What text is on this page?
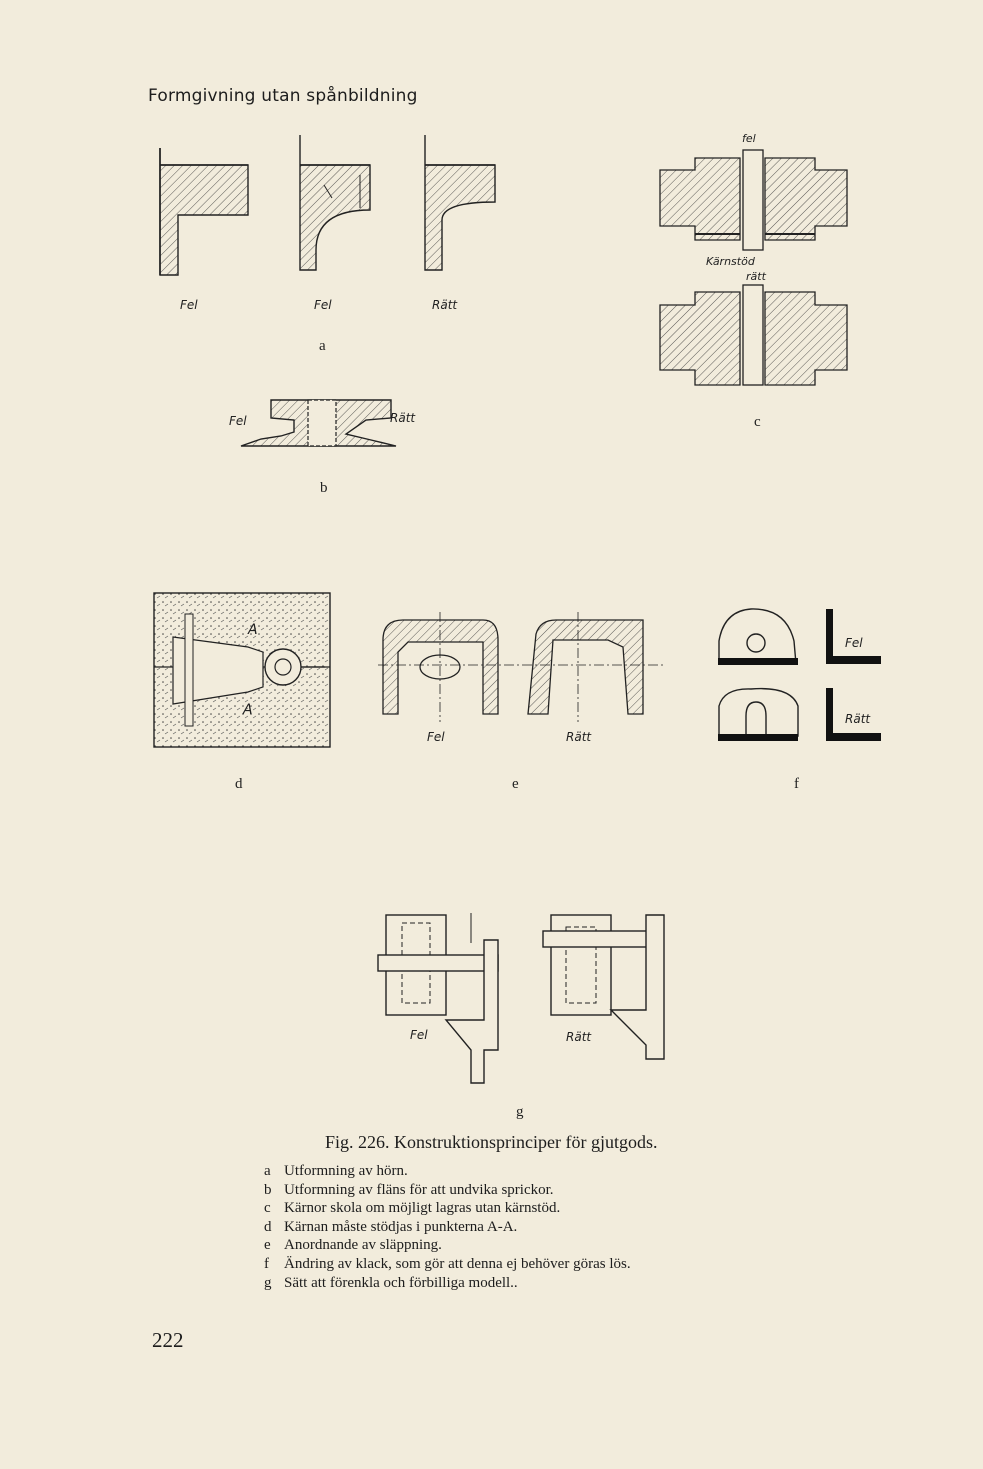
Formgivning utan spånbildning
Fel	Fel	Rätt
a
Fel	Rätt
b
fel
Kärnstöd
rätt
c
A
A
d
Fel	Rätt
e
Fel
Rätt
f
Fel	Rätt
g
Fig. 226. Konstruktionsprinciper för gjutgods.
a Utformning av hörn.
b Utformning av fläns för att undvika sprickor.
c Kärnor skola om möjligt lagras utan kärnstöd.
d Kärnan måste stödjas i punkterna A-A.
e Anordnande av släppning.
f Ändring av klack, som gör att denna ej behöver göras lös.
g Sätt att förenkla och förbilliga modell..
222
